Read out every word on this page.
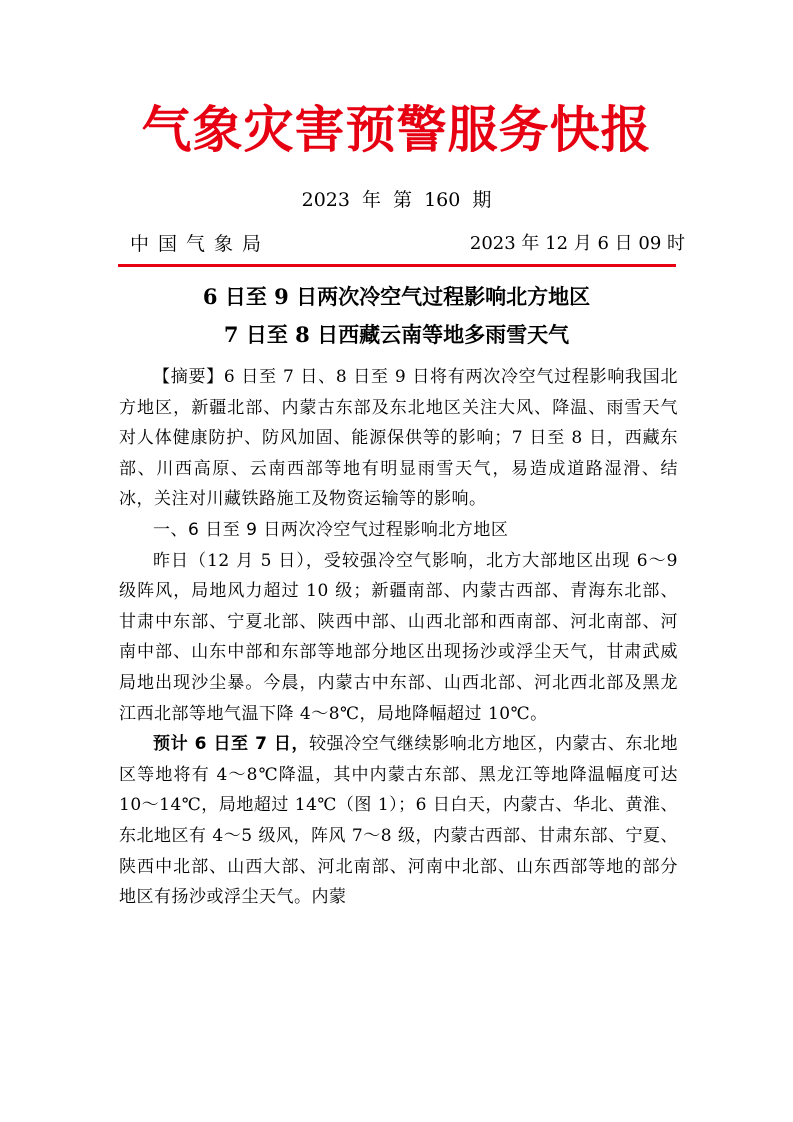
气象灾害预警服务快报
2023 年 第 160 期
中国气象局	2023 年 12 月 6 日 09 时
6 日至 9 日两次冷空气过程影响北方地区
7 日至 8 日西藏云南等地多雨雪天气

【摘要】6 日至 7 日、8 日至 9 日将有两次冷空气过程影响我国北方地区，新疆北部、内蒙古东部及东北地区关注大风、降温、雨雪天气对人体健康防护、防风加固、能源保供等的影响；7 日至 8 日，西藏东部、川西高原、云南西部等地有明显雨雪天气，易造成道路湿滑、结冰，关注对川藏铁路施工及物资运输等的影响。

一、6 日至 9 日两次冷空气过程影响北方地区

昨日（12 月 5 日），受较强冷空气影响，北方大部地区出现 6～9 级阵风，局地风力超过 10 级；新疆南部、内蒙古西部、青海东北部、甘肃中东部、宁夏北部、陕西中部、山西北部和西南部、河北南部、河南中部、山东中部和东部等地部分地区出现扬沙或浮尘天气，甘肃武威局地出现沙尘暴。今晨，内蒙古中东部、山西北部、河北西北部及黑龙江西北部等地气温下降 4～8℃，局地降幅超过 10℃。

预计 6 日至 7 日，较强冷空气继续影响北方地区，内蒙古、东北地区等地将有 4～8℃降温，其中内蒙古东部、黑龙江等地降温幅度可达 10～14℃，局地超过 14℃（图 1）；6 日白天，内蒙古、华北、黄淮、东北地区有 4～5 级风，阵风 7～8 级，内蒙古西部、甘肃东部、宁夏、陕西中北部、山西大部、河北南部、河南中北部、山东西部等地的部分地区有扬沙或浮尘天气。内蒙
